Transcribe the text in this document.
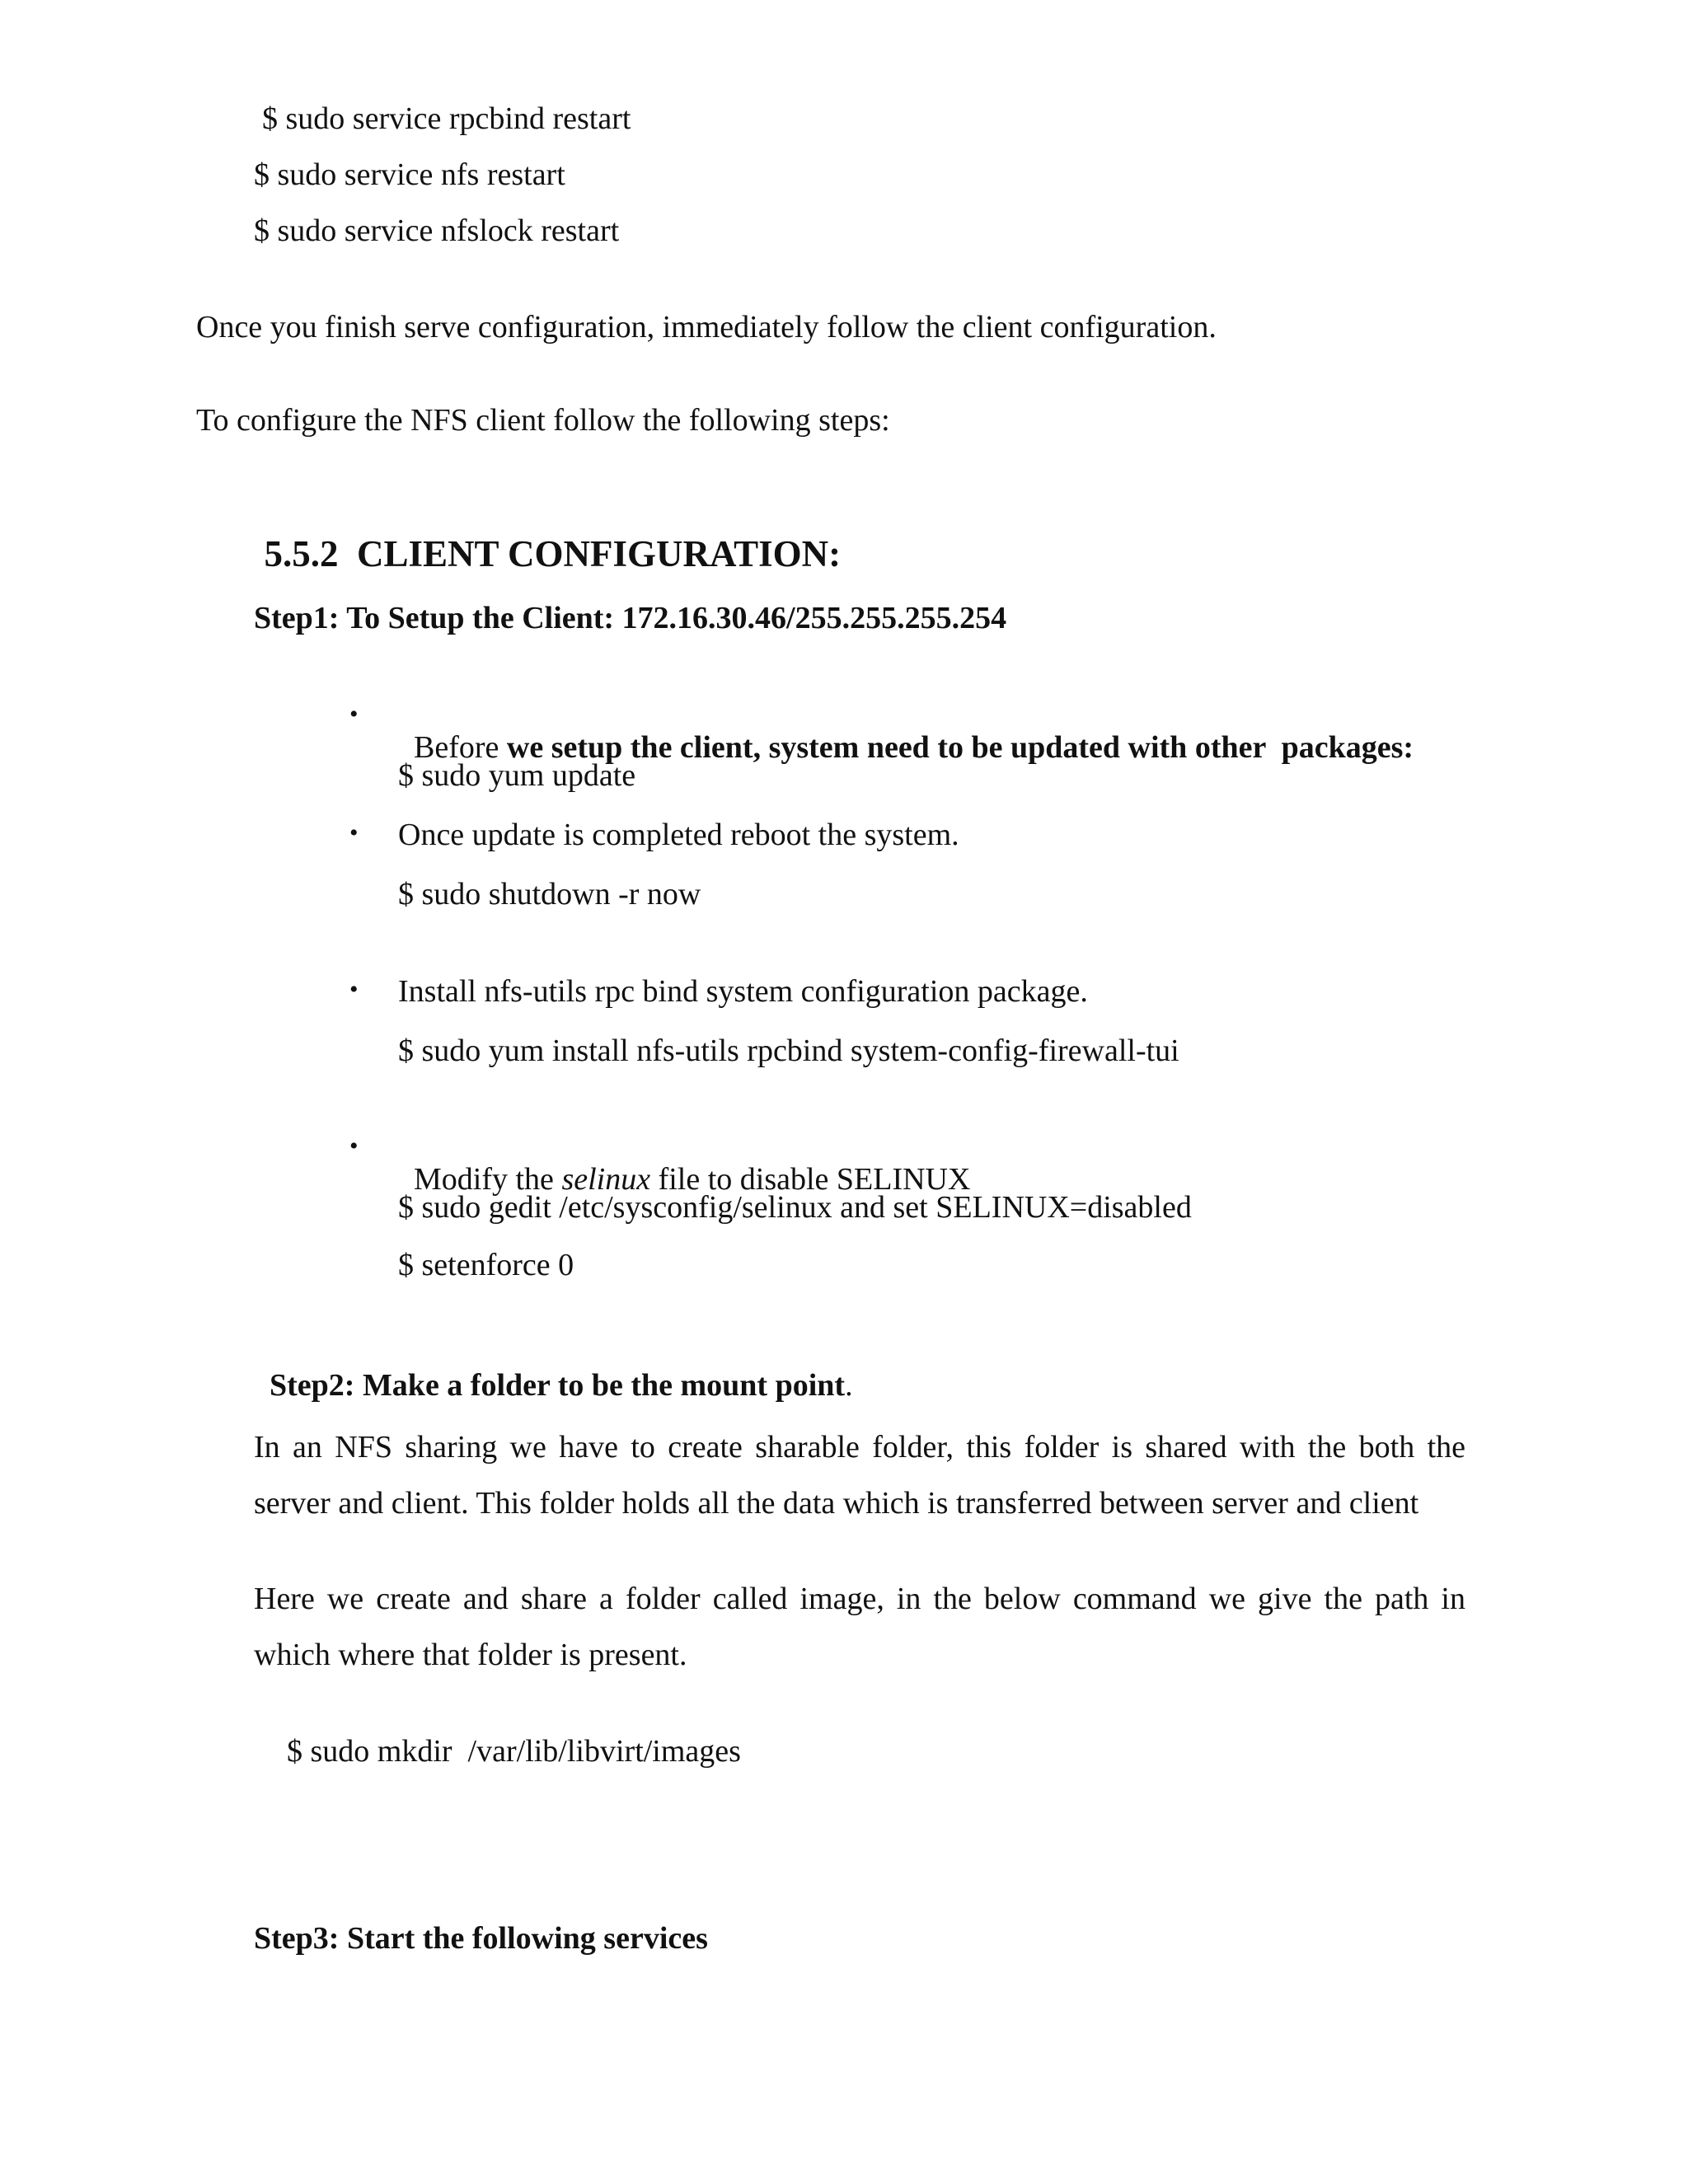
$ sudo service rpcbind restart
$ sudo service nfs restart
$ sudo service nfslock restart
Once you finish serve configuration, immediately follow the client configuration.
To configure the NFS client follow the following steps:

5.5.2 CLIENT CONFIGURATION:

Step1: To Setup the Client: 172.16.30.46/255.255.255.254
•

Before we setup the client, system need to be updated with other  packages:

$ sudo yum update
• Once update is completed reboot the system.
$ sudo shutdown -r now
• Install nfs-utils rpc bind system configuration package.
$ sudo yum install nfs-utils rpcbind system-config-firewall-tui
•

Modify the selinux file to disable SELINUX

$ sudo gedit /etc/sysconfig/selinux and set SELINUX=disabled
$ setenforce 0

Step2: Make a folder to be the mount point.

In an NFS sharing we have to create sharable folder, this folder is shared with the both the server and client. This folder holds all the data which is transferred between server and client
Here we create and share a folder called image, in the below command we give the path in which where that folder is present.
$ sudo mkdir  /var/lib/libvirt/images
Step3: Start the following services
